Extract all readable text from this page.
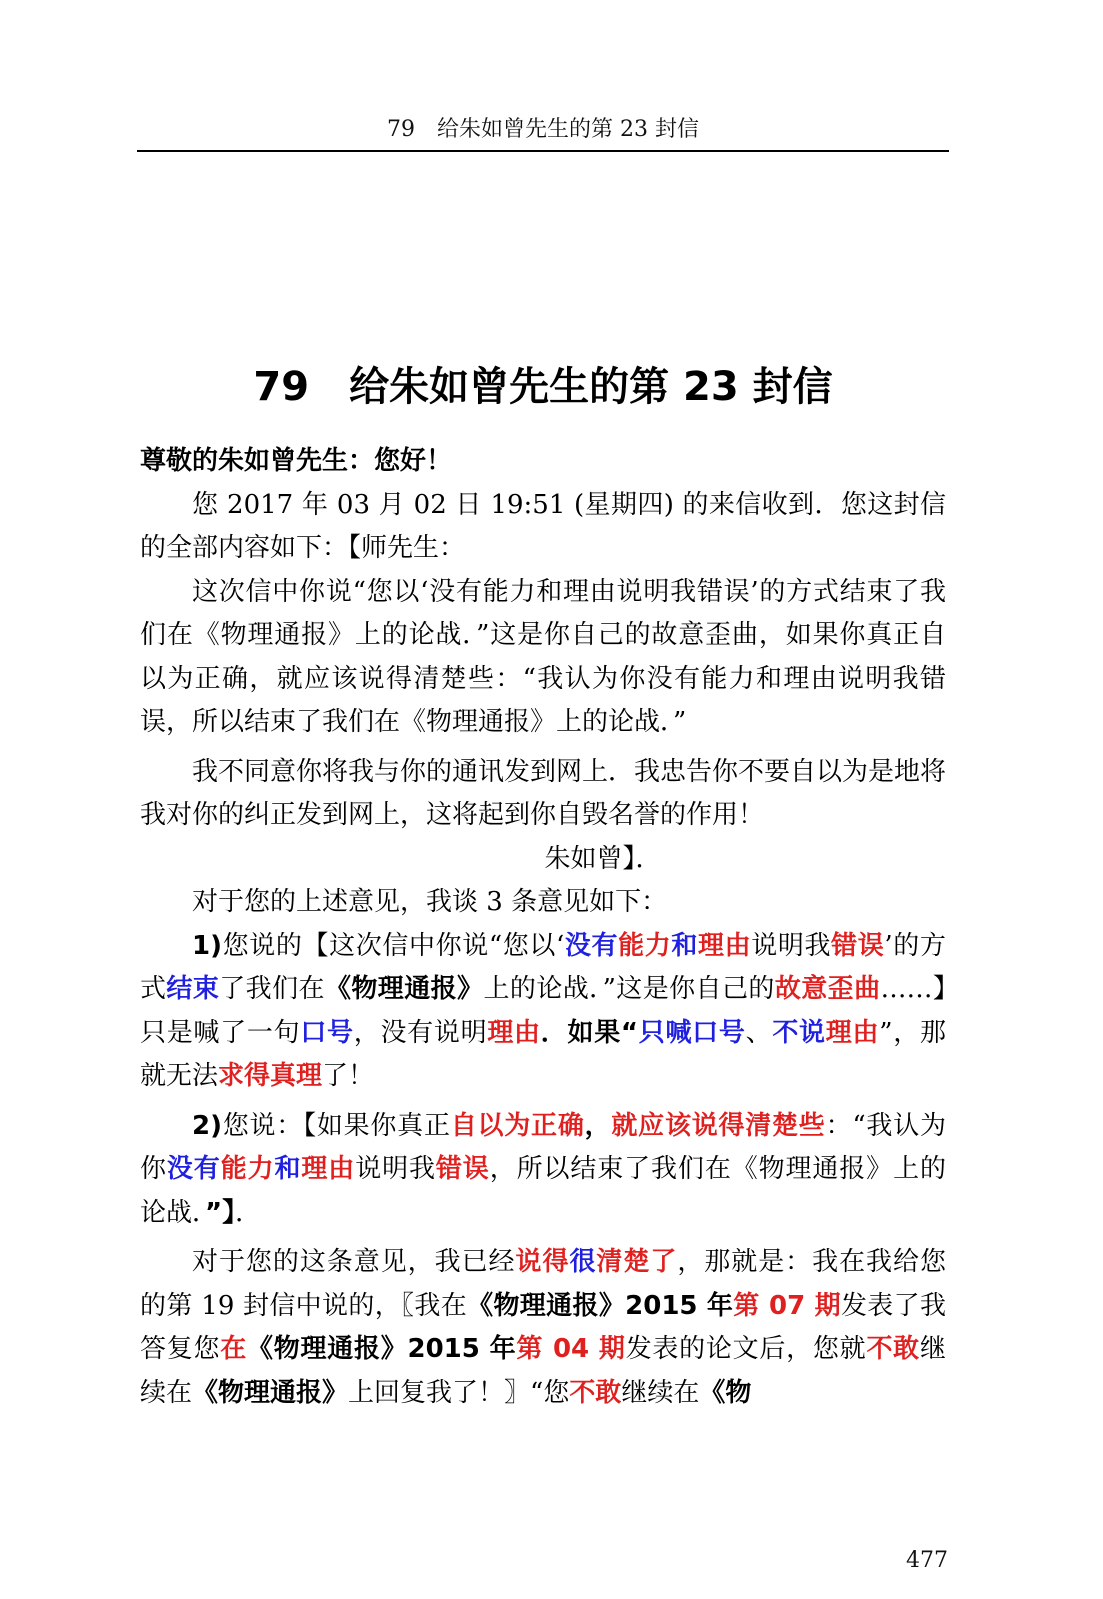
79　给朱如曾先生的第 23 封信
79 给朱如曾先生的第 23 封信

尊敬的朱如曾先生：您好！

您 2017 年 03 月 02 日 19:51 (星期四) 的来信收到．您这封信的全部内容如下：【师先生：

这次信中你说“您以‘没有能力和理由说明我错误’的方式结束了我们在《物理通报》上的论战．”这是你自己的故意歪曲，如果你真正自以为正确，就应该说得清楚些：“我认为你没有能力和理由说明我错误，所以结束了我们在《物理通报》上的论战．”

我不同意你将我与你的通讯发到网上．我忠告你不要自以为是地将我对你的纠正发到网上，这将起到你自毁名誉的作用！

朱如曾】．

对于您的上述意见，我谈 3 条意见如下：

1)您说的【这次信中你说“您以‘没有能力和理由说明我错误’的方式结束了我们在《物理通报》上的论战．”这是你自己的故意歪曲……】只是喊了一句口号，没有说明理由．如果“只喊口号、不说理由”，那就无法求得真理了！

2)您说：【如果你真正自以为正确，就应该说得清楚些：“我认为你没有能力和理由说明我错误，所以结束了我们在《物理通报》上的论战．”】．

对于您的这条意见，我已经说得很清楚了，那就是：我在我给您的第 19 封信中说的，〖我在《物理通报》2015 年第 07 期发表了我答复您在《物理通报》2015 年第 04 期发表的论文后，您就不敢继续在《物理通报》上回复我了！〗“您不敢继续在《物

477
